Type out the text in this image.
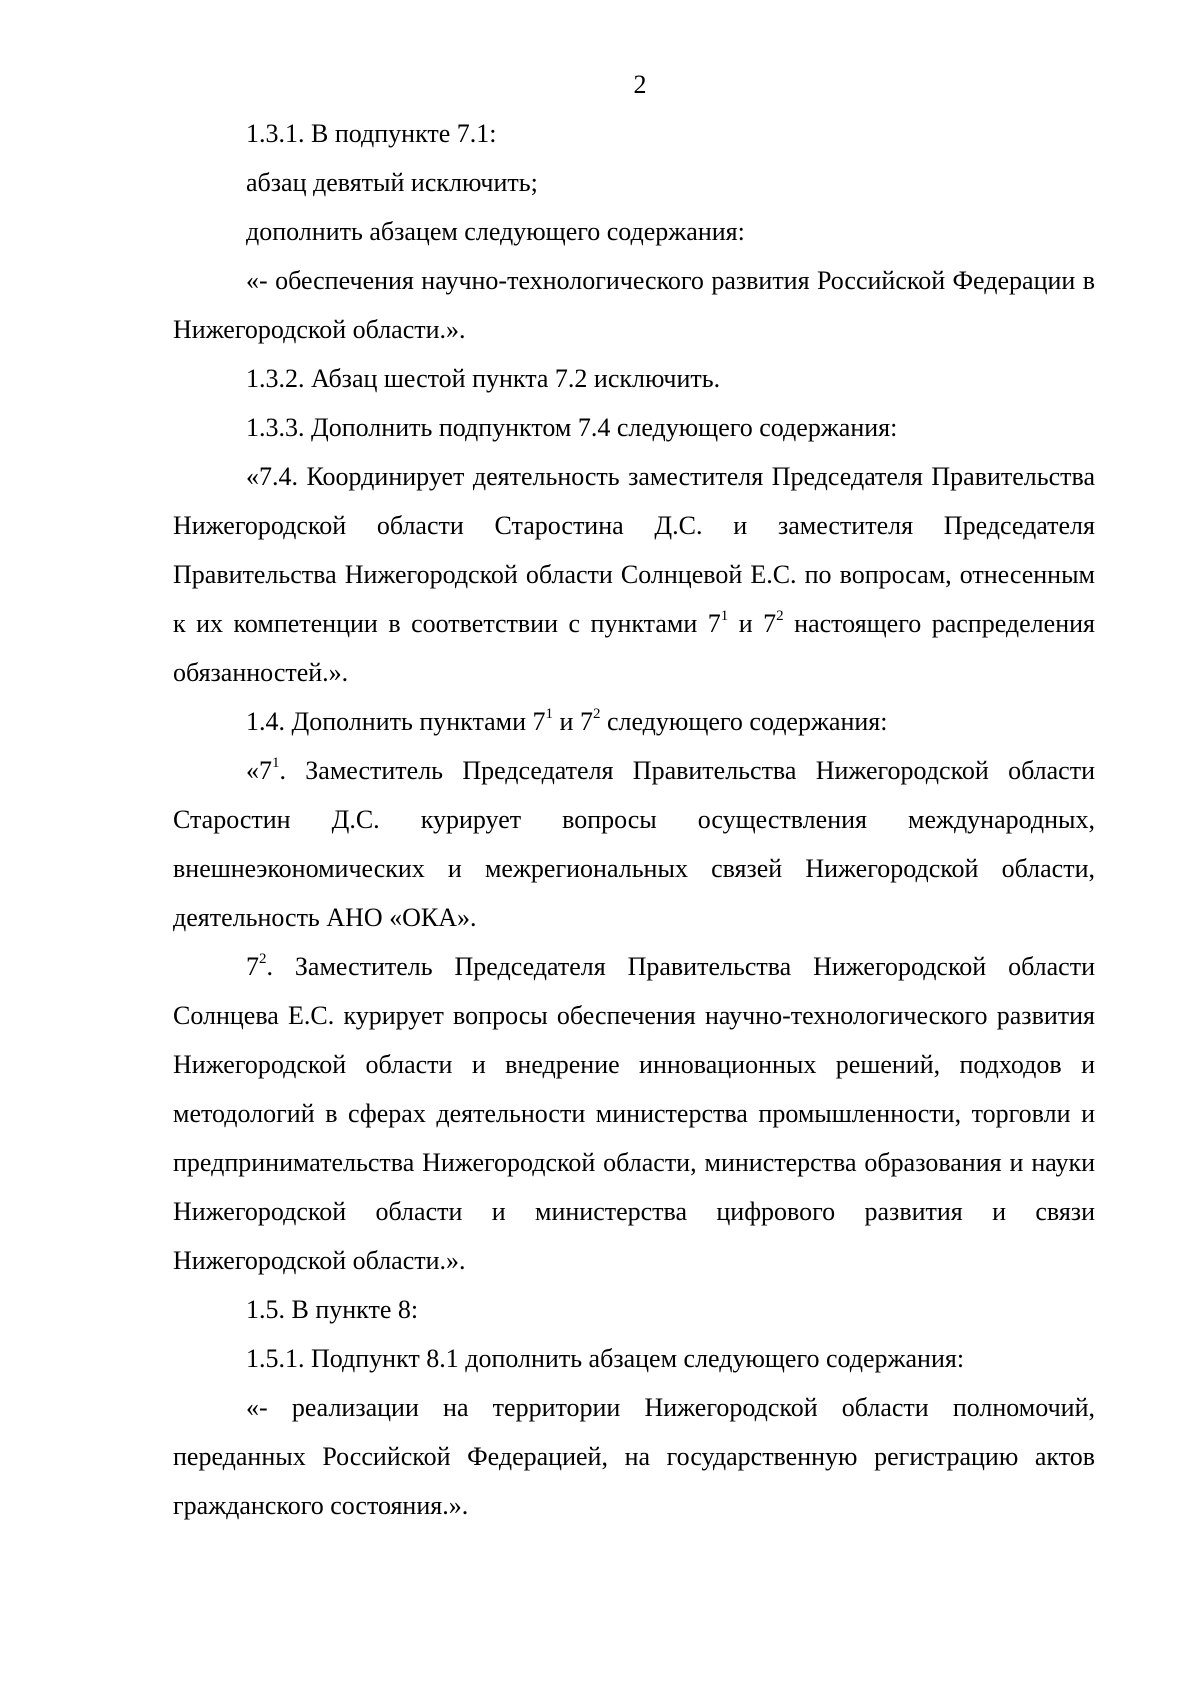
2

1.3.1. В подпункте 7.1:

абзац девятый исключить;

дополнить абзацем следующего содержания:

«- обеспечения научно-технологического развития Российской Федерации в Нижегородской области.».

1.3.2. Абзац шестой пункта 7.2 исключить.

1.3.3. Дополнить подпунктом 7.4 следующего содержания:

«7.4. Координирует деятельность заместителя Председателя Правительства Нижегородской области Старостина Д.С. и заместителя Председателя Правительства Нижегородской области Солнцевой Е.С. по вопросам, отнесенным к их компетенции в соответствии с пунктами $7^1$ и $7^2$ настоящего распределения обязанностей.».

1.4. Дополнить пунктами $7^1$ и $7^2$ следующего содержания:

«$7^1$. Заместитель Председателя Правительства Нижегородской области Старостин Д.С. курирует вопросы осуществления международных, внешнеэкономических и межрегиональных связей Нижегородской области, деятельность АНО «ОКА».

$7^2$. Заместитель Председателя Правительства Нижегородской области Солнцева Е.С. курирует вопросы обеспечения научно-технологического развития Нижегородской области и внедрение инновационных решений, подходов и методологий в сферах деятельности министерства промышленности, торговли и предпринимательства Нижегородской области, министерства образования и науки Нижегородской области и министерства цифрового развития и связи Нижегородской области.».

1.5. В пункте 8:

1.5.1. Подпункт 8.1 дополнить абзацем следующего содержания:

«- реализации на территории Нижегородской области полномочий, переданных Российской Федерацией, на государственную регистрацию актов гражданского состояния.».
